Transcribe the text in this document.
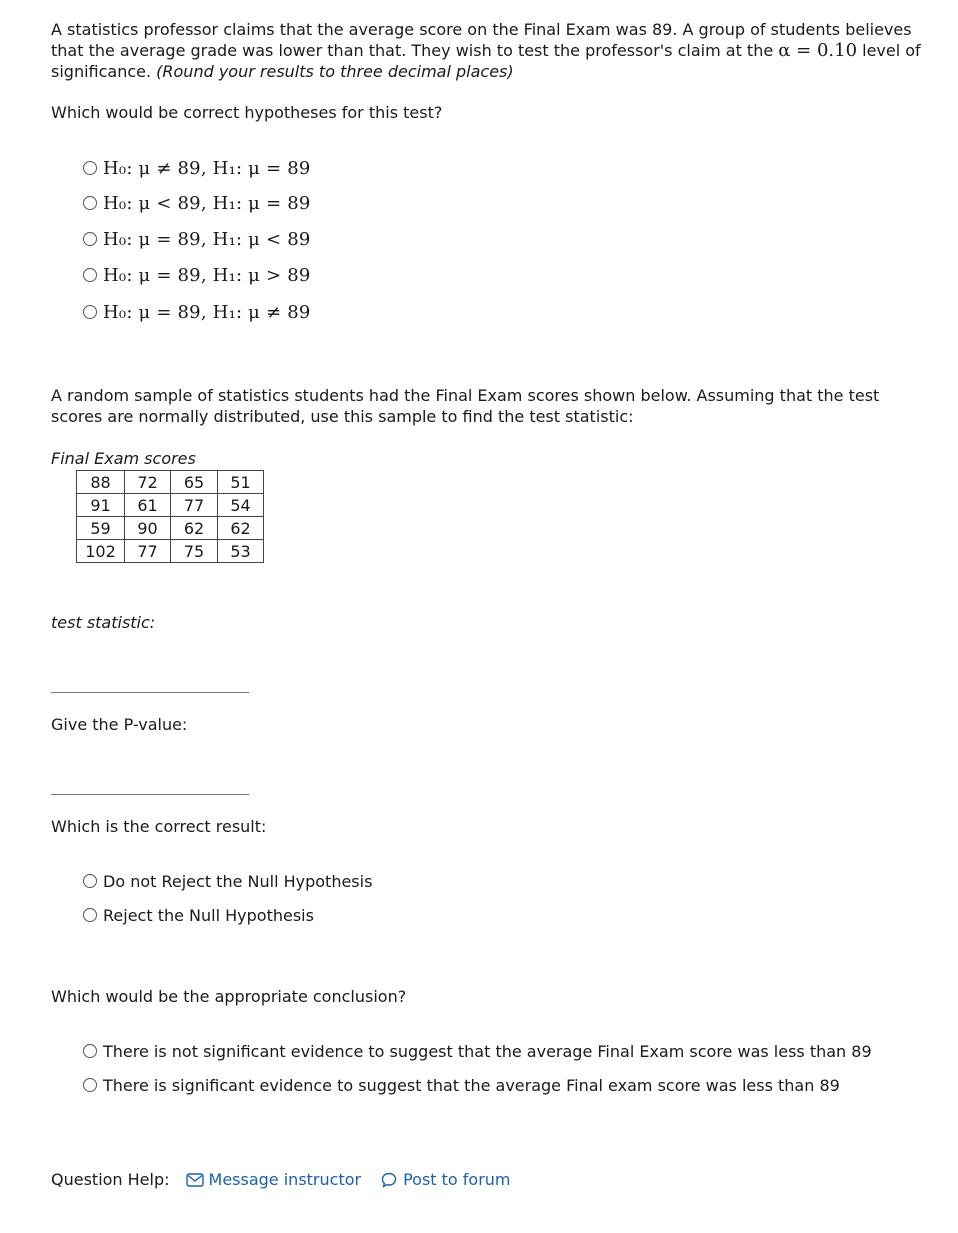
A statistics professor claims that the average score on the Final Exam was 89. A group of students believes that the average grade was lower than that. They wish to test the professor's claim at the α = 0.10 level of significance. (Round your results to three decimal places)
Which would be correct hypotheses for this test?
H₀: μ ≠ 89, H₁: μ = 89
H₀: μ < 89, H₁: μ = 89
H₀: μ = 89, H₁: μ < 89
H₀: μ = 89, H₁: μ > 89
H₀: μ = 89, H₁: μ ≠ 89
A random sample of statistics students had the Final Exam scores shown below. Assuming that the test scores are normally distributed, use this sample to find the test statistic:
Final Exam scores
88	72	65	51
91	61	77	54
59	90	62	62
102	77	75	53
test statistic:
Give the P-value:
Which is the correct result:
Do not Reject the Null Hypothesis
Reject the Null Hypothesis
Which would be the appropriate conclusion?
There is not significant evidence to suggest that the average Final Exam score was less than 89
There is significant evidence to suggest that the average Final exam score was less than 89
Question Help: Message instructor	Post to forum
